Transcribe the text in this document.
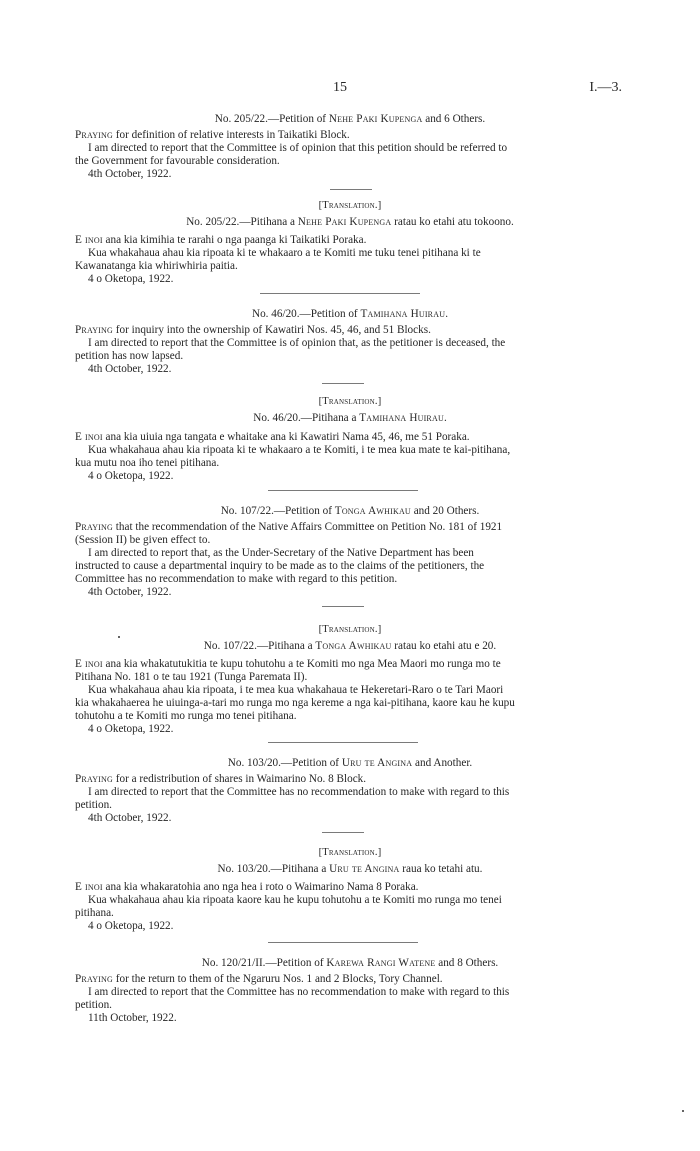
15	I.—3.
No. 205/22.—Petition of Nehe Paki Kupenga and 6 Others.
Praying for definition of relative interests in Taikatiki Block.
I am directed to report that the Committee is of opinion that this petition should be referred to
the Government for favourable consideration.
4th October, 1922.
[Translation.]
No. 205/22.—Pitihana a Nehe Paki Kupenga ratau ko etahi atu tokoono.
E inoi ana kia kimihia te rarahi o nga paanga ki Taikatiki Poraka.
Kua whakahaua ahau kia ripoata ki te whakaaro a te Komiti me tuku tenei pitihana ki te
Kawanatanga kia whiriwhiria paitia.
4 o Oketopa, 1922.
No. 46/20.—Petition of Tamihana Huirau.
Praying for inquiry into the ownership of Kawatiri Nos. 45, 46, and 51 Blocks.
I am directed to report that the Committee is of opinion that, as the petitioner is deceased, the
petition has now lapsed.
4th October, 1922.
[Translation.]
No. 46/20.—Pitihana a Tamihana Huirau.
E inoi ana kia uiuia nga tangata e whaitake ana ki Kawatiri Nama 45, 46, me 51 Poraka.
Kua whakahaua ahau kia ripoata ki te whakaaro a te Komiti, i te mea kua mate te kai-pitihana,
kua mutu noa iho tenei pitihana.
4 o Oketopa, 1922.
No. 107/22.—Petition of Tonga Awhikau and 20 Others.
Praying that the recommendation of the Native Affairs Committee on Petition No. 181 of 1921
(Session II) be given effect to.
I am directed to report that, as the Under-Secretary of the Native Department has been
instructed to cause a departmental inquiry to be made as to the claims of the petitioners, the
Committee has no recommendation to make with regard to this petition.
4th October, 1922.
[Translation.]
No. 107/22.—Pitihana a Tonga Awhikau ratau ko etahi atu e 20.
E inoi ana kia whakatutukitia te kupu tohutohu a te Komiti mo nga Mea Maori mo runga mo te
Pitihana No. 181 o te tau 1921 (Tunga Paremata II).
Kua whakahaua ahau kia ripoata, i te mea kua whakahaua te Hekeretari-Raro o te Tari Maori
kia whakahaerea he uiuinga-a-tari mo runga mo nga kereme a nga kai-pitihana, kaore kau he kupu
tohutohu a te Komiti mo runga mo tenei pitihana.
4 o Oketopa, 1922.
No. 103/20.—Petition of Uru te Angina and Another.
Praying for a redistribution of shares in Waimarino No. 8 Block.
I am directed to report that the Committee has no recommendation to make with regard to this
petition.
4th October, 1922.
[Translation.]
No. 103/20.—Pitihana a Uru te Angina raua ko tetahi atu.
E inoi ana kia whakaratohia ano nga hea i roto o Waimarino Nama 8 Poraka.
Kua whakahaua ahau kia ripoata kaore kau he kupu tohutohu a te Komiti mo runga mo tenei
pitihana.
4 o Oketopa, 1922.
No. 120/21/II.—Petition of Karewa Rangi Watene and 8 Others.
Praying for the return to them of the Ngaruru Nos. 1 and 2 Blocks, Tory Channel.
I am directed to report that the Committee has no recommendation to make with regard to this
petition.
11th October, 1922.
